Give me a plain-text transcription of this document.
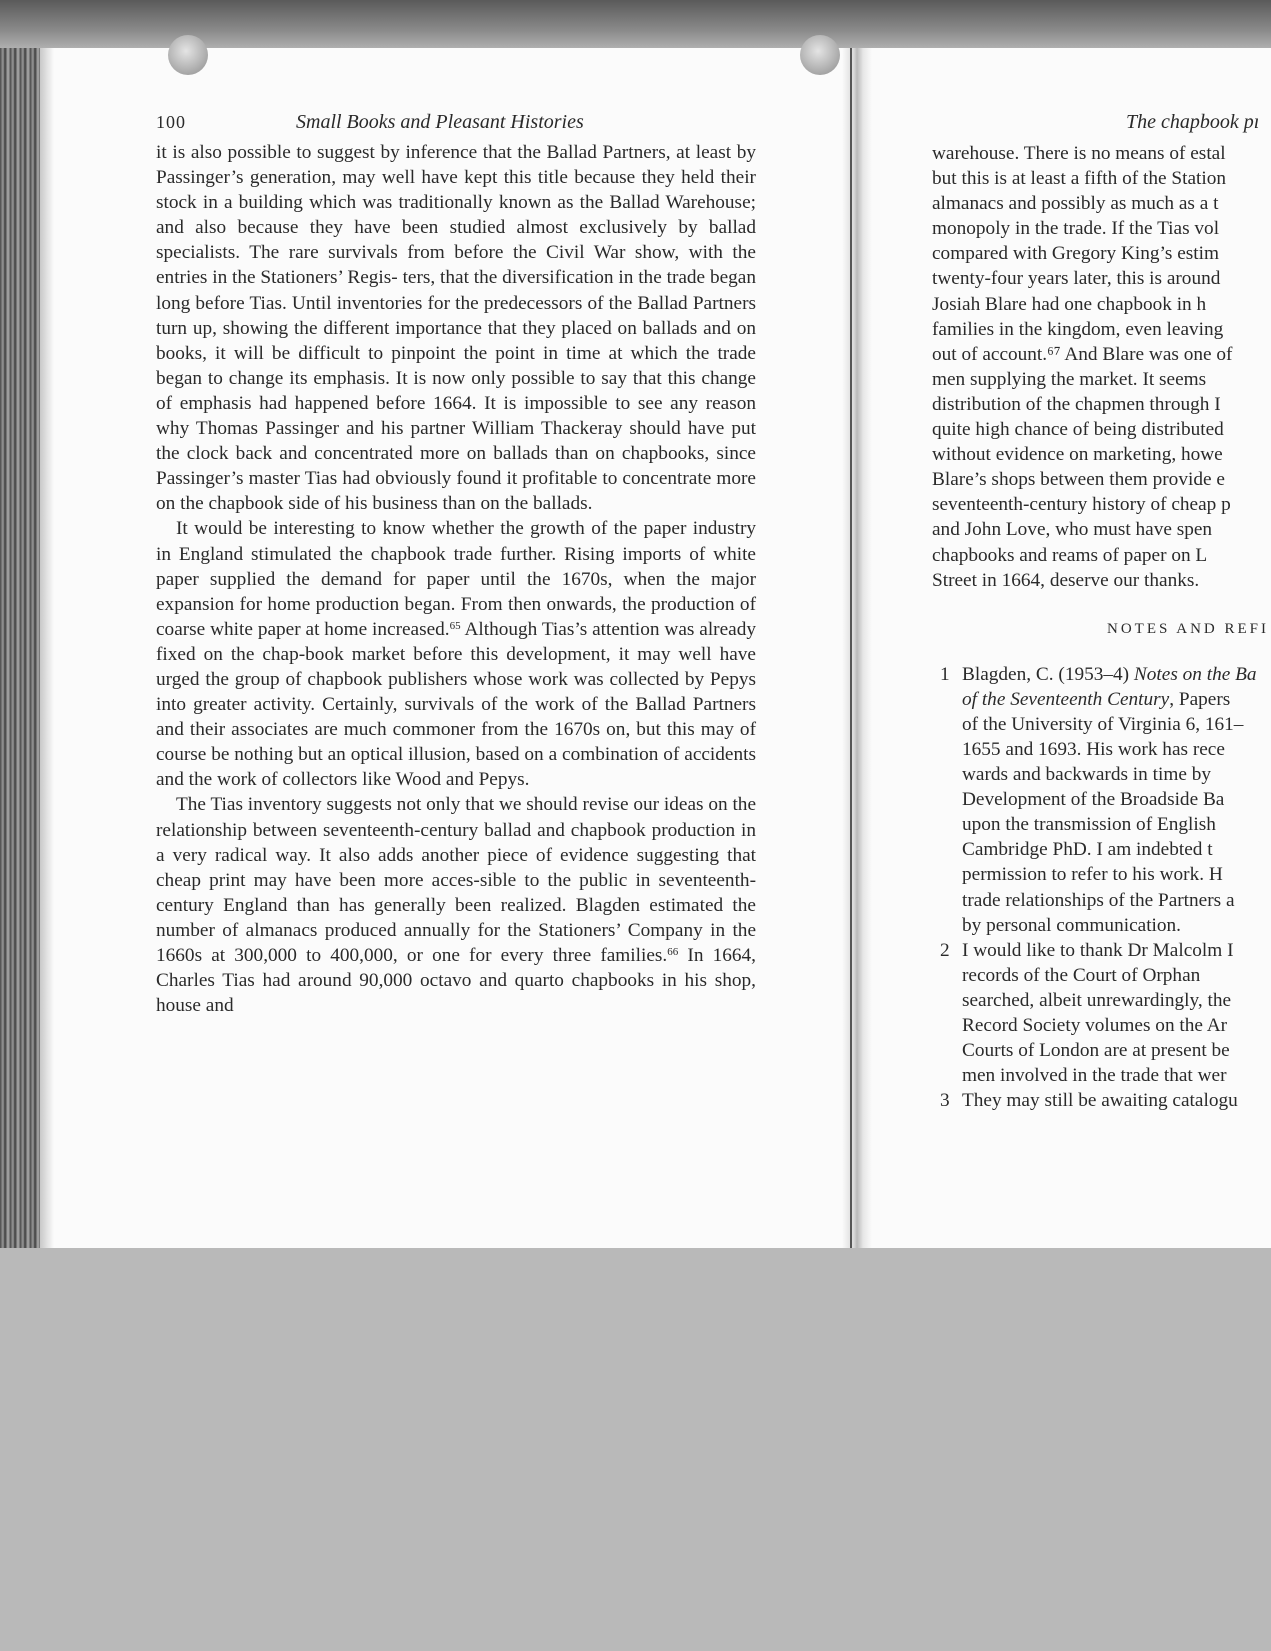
100	Small Books and Pleasant Histories

it is also possible to suggest by inference that the Ballad Partners, at least by Passinger’s generation, may well have kept this title because they held their stock in a building which was traditionally known as the Ballad Warehouse; and also because they have been studied almost exclusively by ballad specialists. The rare survivals from before the Civil War show, with the entries in the Stationers’ Regis- ters, that the diversification in the trade began long before Tias. Until inventories for the predecessors of the Ballad Partners turn up, showing the different importance that they placed on ballads and on books, it will be difficult to pinpoint the point in time at which the trade began to change its emphasis. It is now only possible to say that this change of emphasis had happened before 1664. It is impossible to see any reason why Thomas Passinger and his partner William Thackeray should have put the clock back and concentrated more on ballads than on chapbooks, since Passinger’s master Tias had obviously found it profitable to concentrate more on the chapbook side of his business than on the ballads.

It would be interesting to know whether the growth of the paper industry in England stimulated the chapbook trade further. Rising imports of white paper supplied the demand for paper until the 1670s, when the major expansion for home production began. From then onwards, the production of coarse white paper at home increased.$^{65}$ Although Tias’s attention was already fixed on the chap-book market before this development, it may well have urged the group of chapbook publishers whose work was collected by Pepys into greater activity. Certainly, survivals of the work of the Ballad Partners and their associates are much commoner from the 1670s on, but this may of course be nothing but an optical illusion, based on a combination of accidents and the work of collectors like Wood and Pepys.

The Tias inventory suggests not only that we should revise our ideas on the relationship between seventeenth-century ballad and chapbook production in a very radical way. It also adds another piece of evidence suggesting that cheap print may have been more acces-sible to the public in seventeenth-century England than has generally been realized. Blagden estimated the number of almanacs produced annually for the Stationers’ Company in the 1660s at 300,000 to 400,000, or one for every three families.$^{66}$ In 1664, Charles Tias had around 90,000 octavo and quarto chapbooks in his shop, house and

The chapbook pı

warehouse. There is no means of estal

but this is at least a fifth of the Station

almanacs and possibly as much as a t

monopoly in the trade. If the Tias vol

compared with Gregory King’s estim

twenty-four years later, this is around

Josiah Blare had one chapbook in h

families in the kingdom, even leaving

out of account.⁶⁷ And Blare was one of

men supplying the market. It seems

distribution of the chapmen through I

quite high chance of being distributed

without evidence on marketing, howe

Blare’s shops between them provide e

seventeenth-century history of cheap p

and John Love, who must have spen

chapbooks and reams of paper on L

Street in 1664, deserve our thanks.

NOTES AND REFI
1 Blagden, C. (1953–4) Notes on the Ba

of the Seventeenth Century, Papers

of the University of Virginia 6, 161–

1655 and 1693. His work has rece

wards and backwards in time by

Development of the Broadside Ba

upon the transmission of English

Cambridge PhD. I am indebted t

permission to refer to his work. H

trade relationships of the Partners a

by personal communication.

2 I would like to thank Dr Malcolm I

records of the Court of Orphan

searched, albeit unrewardingly, the

Record Society volumes on the Ar

Courts of London are at present be

men involved in the trade that wer

3 They may still be awaiting catalogu
